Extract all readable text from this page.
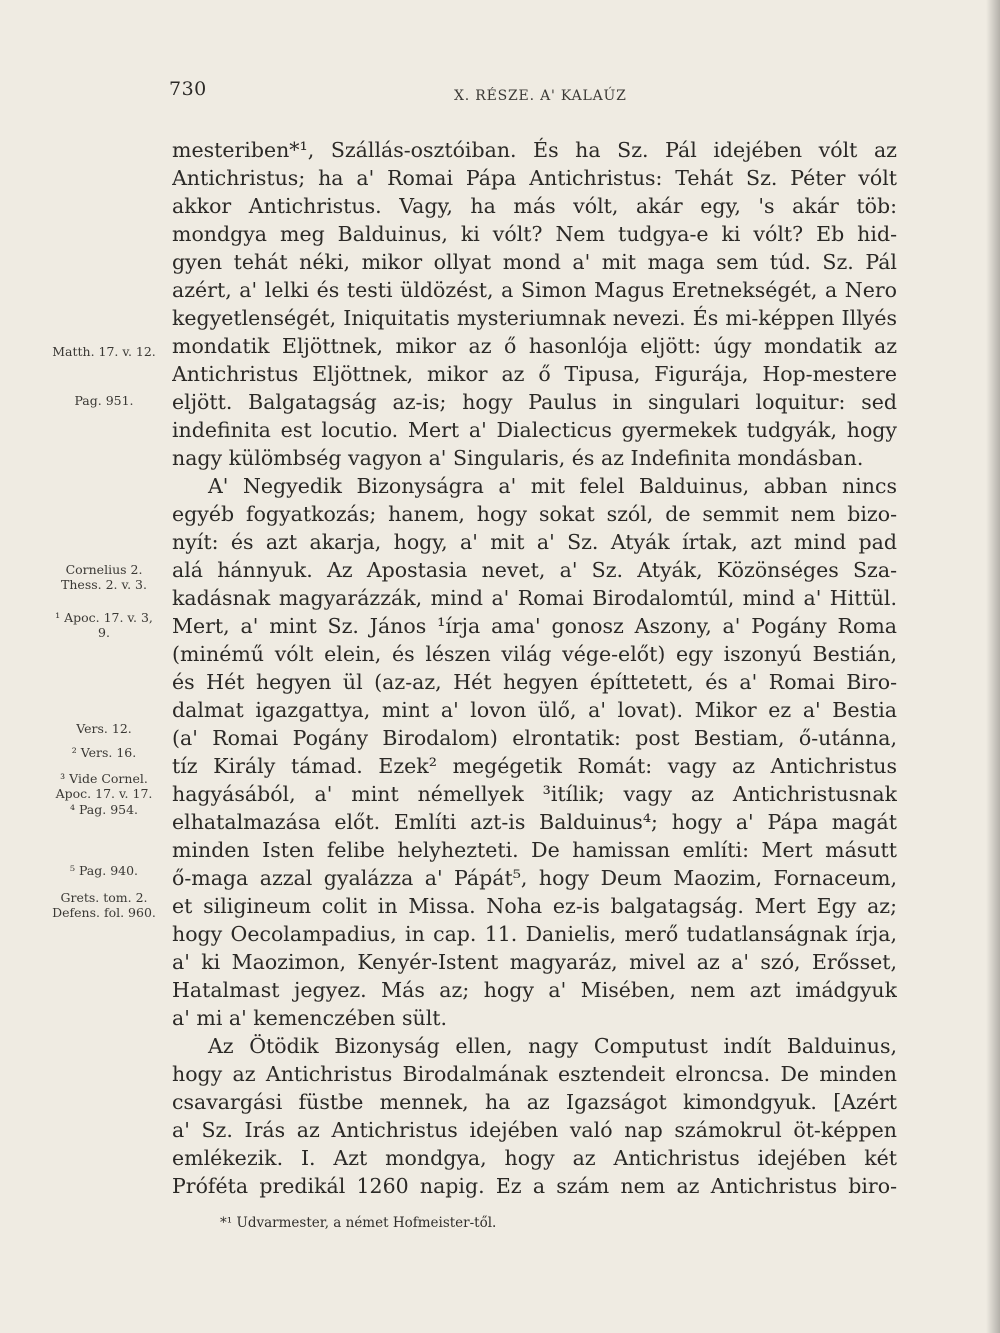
730	X. RÉSZE. A' KALAÚZ
mesteriben*¹, Szállás-osztóiban. És ha Sz. Pál idejében vólt az
Antichristus; ha a' Romai Pápa Antichristus: Tehát Sz. Péter vólt
akkor Antichristus. Vagy, ha más vólt, akár egy, 's akár töb:
mondgya meg Balduinus, ki vólt? Nem tudgya-e ki vólt? Eb hid-
gyen tehát néki, mikor ollyat mond a' mit maga sem túd. Sz. Pál
azért, a' lelki és testi üldözést, a Simon Magus Eretnekségét, a Nero
kegyetlenségét, Iniquitatis mysteriumnak nevezi. És mi-képpen Illyés
mondatik Eljöttnek, mikor az ő hasonlója eljött: úgy mondatik az
Antichristus Eljöttnek, mikor az ő Tipusa, Figurája, Hop-mestere
eljött. Balgatagság az-is; hogy Paulus in singulari loquitur: sed
indefinita est locutio. Mert a' Dialecticus gyermekek tudgyák, hogy
nagy külömbség vagyon a' Singularis, és az Indefinita mondásban.
A' Negyedik Bizonyságra a' mit felel Balduinus, abban nincs
egyéb fogyatkozás; hanem, hogy sokat szól, de semmit nem bizo-
nyít: és azt akarja, hogy, a' mit a' Sz. Atyák írtak, azt mind pad
alá hánnyuk. Az Apostasia nevet, a' Sz. Atyák, Közönséges Sza-
kadásnak magyarázzák, mind a' Romai Birodalomtúl, mind a' Hittül.
Mert, a' mint Sz. János ¹írja ama' gonosz Aszony, a' Pogány Roma
(minémű vólt elein, és lészen világ vége-előt) egy iszonyú Bestián,
és Hét hegyen ül (az-az, Hét hegyen építtetett, és a' Romai Biro-
dalmat igazgattya, mint a' lovon ülő, a' lovat). Mikor ez a' Bestia
(a' Romai Pogány Birodalom) elrontatik: post Bestiam, ő-utánna,
tíz Király támad. Ezek² megégetik Romát: vagy az Antichristus
hagyásából, a' mint némellyek ³itílik; vagy az Antichristusnak
elhatalmazása előt. Említi azt-is Balduinus⁴; hogy a' Pápa magát
minden Isten felibe helyhezteti. De hamissan említi: Mert másutt
ő-maga azzal gyalázza a' Pápát⁵, hogy Deum Maozim, Fornaceum,
et siligineum colit in Missa. Noha ez-is balgatagság. Mert Egy az;
hogy Oecolampadius, in cap. 11. Danielis, merő tudatlanságnak írja,
a' ki Maozimon, Kenyér-Istent magyaráz, mivel az a' szó, Erősset,
Hatalmast jegyez. Más az; hogy a' Misében, nem azt imádgyuk
a' mi a' kemenczében sült.
Az Ötödik Bizonyság ellen, nagy Computust indít Balduinus,
hogy az Antichristus Birodalmának esztendeit elroncsa. De minden
csavargási füstbe mennek, ha az Igazságot kimondgyuk. [Azért
a' Sz. Irás az Antichristus idejében való nap számokrul öt-képpen
emlékezik. I. Azt mondgya, hogy az Antichristus idejében két
Próféta predikál 1260 napig. Ez a szám nem az Antichristus biro-
Matth. 17. v. 12.
Pag. 951.
Cornelius 2. Thess. 2. v. 3.
¹ Apoc. 17. v. 3, 9.
Vers. 12.
² Vers. 16.
³ Vide Cornel. Apoc. 17. v. 17.
⁴ Pag. 954.
⁵ Pag. 940.
Grets. tom. 2. Defens. fol. 960.
*¹ Udvarmester, a német Hofmeister-től.
